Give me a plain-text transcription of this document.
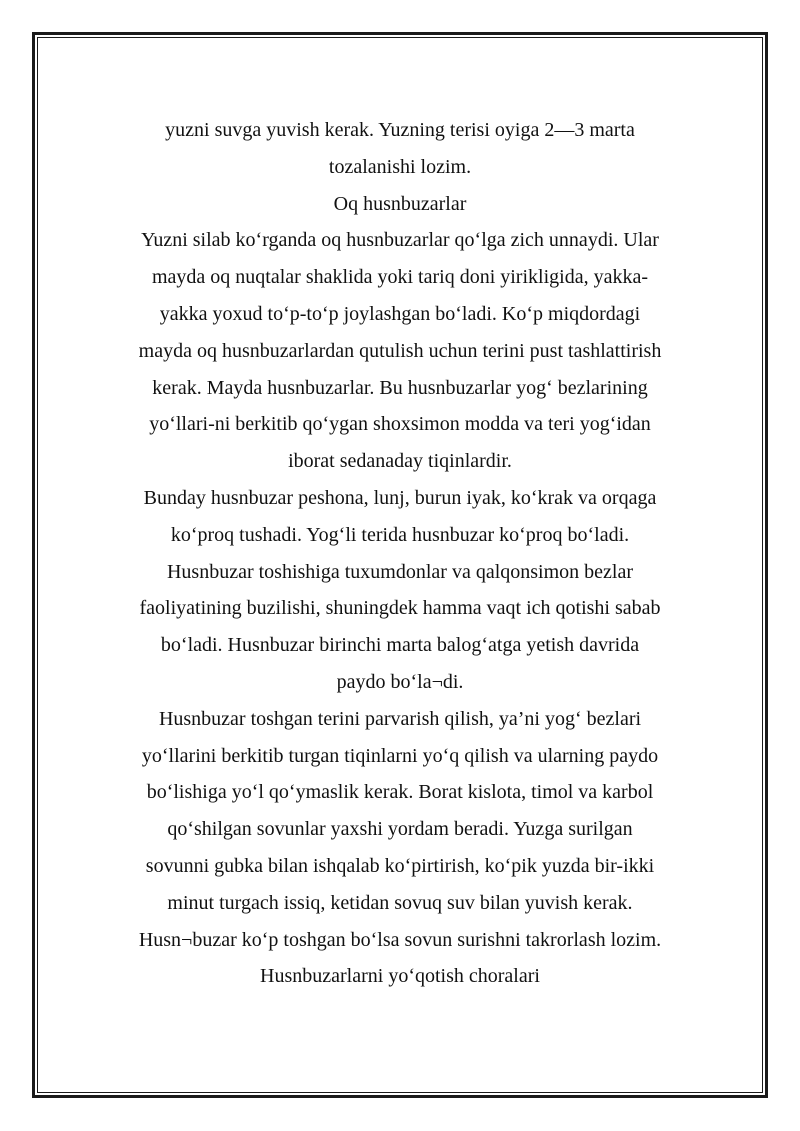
yuzni suvga yuvish kerak. Yuzning terisi oyiga 2—3 marta
tozalanishi lozim.
Oq husnbuzarlar
Yuzni silab ko‘rganda oq husnbuzarlar qo‘lga zich unnaydi. Ular
mayda oq nuqtalar shaklida yoki tariq doni yirikligida, yakka-
yakka yoxud to‘p-to‘p joylashgan bo‘ladi. Ko‘p miqdordagi
mayda oq husnbuzarlardan qutulish uchun terini pust tashlattirish
kerak. Mayda husnbuzarlar. Bu husnbuzarlar yog‘ bezlarining
yo‘llari-ni berkitib qo‘ygan shoxsimon modda va teri yog‘idan
iborat sedanaday tiqinlardir.
Bunday husnbuzar peshona, lunj, burun iyak, ko‘krak va orqaga
ko‘proq tushadi. Yog‘li terida husnbuzar ko‘proq bo‘ladi.
Husnbuzar toshishiga tuxumdonlar va qalqonsimon bezlar
faoliyatining buzilishi, shuningdek hamma vaqt ich qotishi sabab
bo‘ladi. Husnbuzar birinchi marta balog‘atga yetish davrida
paydo bo‘la¬di.
Husnbuzar toshgan terini parvarish qilish, ya’ni yog‘ bezlari
yo‘llarini berkitib turgan tiqinlarni yo‘q qilish va ularning paydo
bo‘lishiga yo‘l qo‘ymaslik kerak. Borat kislota, timol va karbol
qo‘shilgan sovunlar yaxshi yordam beradi. Yuzga surilgan
sovunni gubka bilan ishqalab ko‘pirtirish, ko‘pik yuzda bir-ikki
minut turgach issiq, ketidan sovuq suv bilan yuvish kerak.
Husn¬buzar ko‘p toshgan bo‘lsa sovun surishni takrorlash lozim.
Husnbuzarlarni yo‘qotish choralari
